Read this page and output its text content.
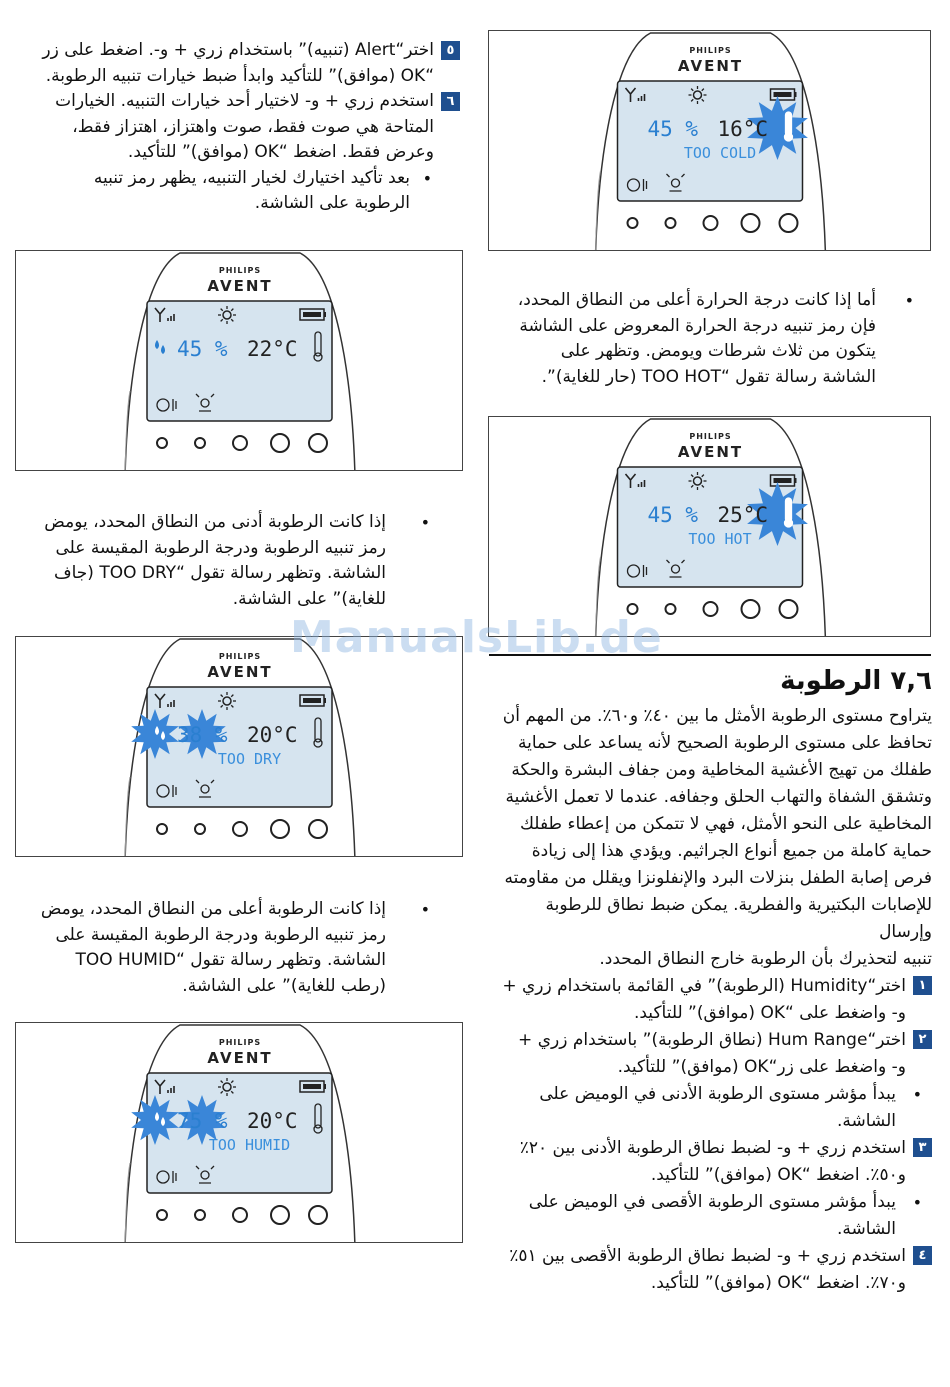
٥
اختر“Alert (تنبيه)” باستخدام زري + و-. اضغط على زر
“OK (موافق)” للتأكيد وابدأ ضبط خيارات تنبيه الرطوبة.

٦
استخدم زري + و- لاختيار أحد خيارات التنبيه. الخيارات
المتاحة هي صوت فقط، صوت واهتزاز، اهتزاز فقط،
وعرض فقط. اضغط “OK (موافق)” للتأكيد.

•
بعد تأكيد اختيارك لخيار التنبيه، يظهر رمز تنبيه
الرطوبة على الشاشة.

•
أما إذا كانت درجة الحرارة أعلى من النطاق المحدد،
فإن رمز تنبيه درجة الحرارة المعروض على الشاشة
يتكون من ثلاث شرطات ويومض. وتظهر على
الشاشة رسالة تقول “TOO HOT (حار للغاية)”.

•
إذا كانت الرطوبة أدنى من النطاق المحدد، يومض
رمز تنبيه الرطوبة ودرجة الرطوبة المقيسة على
الشاشة. وتظهر رسالة تقول “TOO DRY (جاف
للغاية)” على الشاشة.

•
إذا كانت الرطوبة أعلى من النطاق المحدد، يومض
رمز تنبيه الرطوبة ودرجة الرطوبة المقيسة على
الشاشة. وتظهر رسالة تقول “TOO HUMID
(رطب للغاية)” على الشاشة.

٧,٦ الرطوبة

يتراوح مستوى الرطوبة الأمثل ما بين ٤٠٪ و٦٠٪. من المهم أن
تحافظ على مستوى الرطوبة الصحيح لأنه يساعد على حماية
طفلك من تهيج الأغشية المخاطية ومن جفاف البشرة والحكة
وتشقق الشفاة والتهاب الحلق وجفافه. عندما لا تعمل الأغشية
المخاطية على النحو الأمثل، فهي لا تتمكن من إعطاء طفلك
حماية كاملة من جميع أنواع الجراثيم. ويؤدي هذا إلى زيادة
فرص إصابة الطفل بنزلات البرد والإنفلونزا ويقلل من مقاومته
للإصابات البكتيرية والفطرية. يمكن ضبط نطاق للرطوبة وإرسال
تنبيه لتحذيرك بأن الرطوبة خارج النطاق المحدد.

١
اختر“Humidity (الرطوبة)” في القائمة باستخدام زري +
و- واضغط على “OK (موافق)” للتأكيد.

٢
اختر“Hum Range (نطاق الرطوبة)” باستخدام زري +
و- واضغط على زر“OK (موافق)” للتأكيد.

•
يبدأ مؤشر مستوى الرطوبة الأدنى في الوميض على
الشاشة.

٣
استخدم زري + و- لضبط نطاق الرطوبة الأدنى بين ٢٠٪
و٥٠٪. اضغط “OK (موافق)” للتأكيد.

•
يبدأ مؤشر مستوى الرطوبة الأقصى في الوميض على
الشاشة.

٤
استخدم زري + و- لضبط نطاق الرطوبة الأقصى بين ٥١٪
و٧٠٪. اضغط “OK (موافق)” للتأكيد.

PHILIPS
AVENT
45 % 16°C
TOO COLD
PHILIPS
AVENT
45 % 22°C
PHILIPS
AVENT
45 % 25°C
TOO HOT
PHILIPS
AVENT
38 % 20°C
TOO DRY
PHILIPS
AVENT
75 % 20°C
TOO HUMID
ManualsLib.de
